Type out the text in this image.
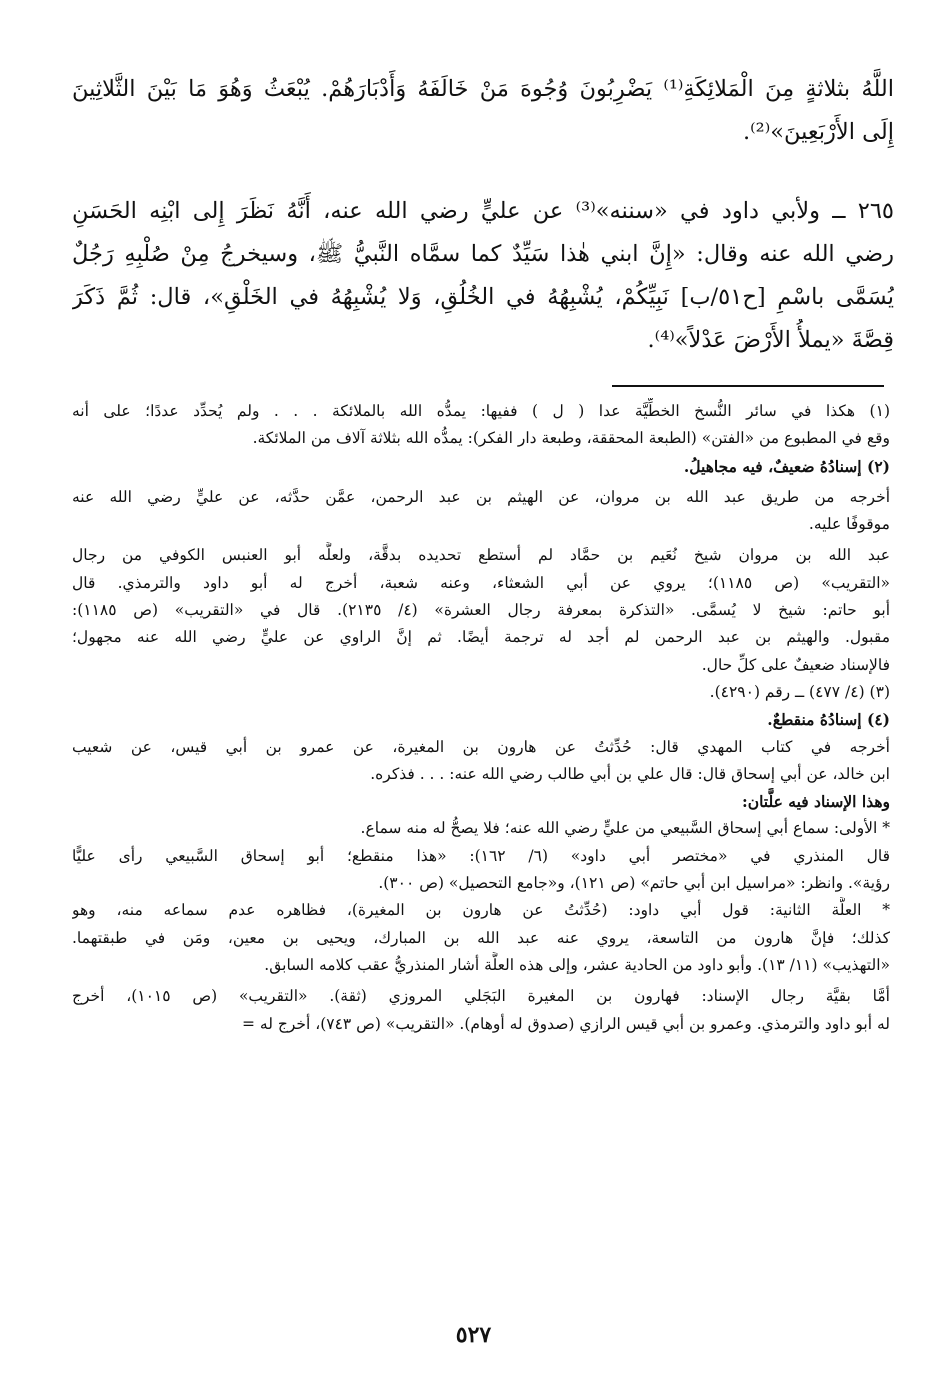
اللَّهُ بثلاثةٍ مِنَ الْمَلائِكَةِ⁽¹⁾ يَضْرِبُونَ وُجُوهَ مَنْ خَالَفَهُ وَأَدْبَارَهُمْ. يُبْعَثُ وَهُوَ مَا بَيْنَ الثَّلاثِينَ
إِلَى الأَرْبَعِينَ»⁽²⁾.
٢٦٥ ــ ولأبي داود في «سننه»⁽³⁾ عن عليٍّ رضي الله عنه، أَنَّهُ نَظَرَ إِلى ابْنِه الحَسَنِ
رضي الله عنه وقال: «إِنَّ ابني هٰذا سَيِّدٌ كما سمَّاه النَّبيُّ ﷺ، وسيخرجُ مِنْ صُلْبِهِ رَجُلٌ
يُسَمَّى باسْمِ [ح٥١/ب] نَبِيِّكُمْ، يُشْبِهُهُ في الخُلُقِ، وَلا يُشْبِهُهُ في الخَلْقِ»، قال: ثُمَّ ذَكَرَ
قِصَّةَ «يملأُ الأَرْضَ عَدْلاً»⁽⁴⁾.
(١) هكذا في سائر النُّسخ الخطِّيَّة عدا ( ل ) ففيها: يمدُّه الله بالملائكة . . . ولم يُحدِّد عددًا؛ على أنه
وقع في المطبوع من «الفتن» (الطبعة المحققة، وطبعة دار الفكر): يمدُّه الله بثلاثة آلاف من الملائكة.
(٢) إسنادُهُ ضعيفٌ، فيه مجاهيلُ.
أخرجه من طريق عبد الله بن مروان، عن الهيثم بن عبد الرحمن، عمَّن حدَّثه، عن عليٍّ رضي الله عنه
موقوفًا عليه.
عبد الله بن مروان شيخ نُعَيم بن حمَّاد لم أستطع تحديده بدقَّة، ولعلَّه أبو العنبس الكوفي من رجال
«التقريب» (ص ١١٨٥)؛ يروي عن أبي الشعثاء، وعنه شعبة، أخرج له أبو داود والترمذي. قال
أبو حاتم: شيخ لا يُسمَّى. «التذكرة بمعرفة رجال العشرة» (٤/ ٢١٣٥). قال في «التقريب» (ص ١١٨٥):
مقبول. والهيثم بن عبد الرحمن لم أجد له ترجمة أيضًا. ثم إنَّ الراوي عن عليٍّ رضي الله عنه مجهول؛
فالإسناد ضعيفٌ على كلِّ حال.
(٣) (٤/ ٤٧٧) ــ رقم (٤٢٩٠).
(٤) إسنادُهُ منقطعٌ.
أخرجه في كتاب المهدي قال: حُدِّثتُ عن هارون بن المغيرة، عن عمرو بن أبي قيس، عن شعيب
ابن خالد، عن أبي إسحاق قال: قال علي بن أبي طالب رضي الله عنه: . . . فذكره.
وهذا الإسناد فيه علَّتان:
* الأولى: سماع أبي إسحاق السَّبيعي من عليٍّ رضي الله عنه؛ فلا يصحُّ له منه سماع.
قال المنذري في «مختصر أبي داود» (٦/ ١٦٢): «هذا منقطع؛ أبو إسحاق السَّبيعي رأى عليًّا
رؤية». وانظر: «مراسيل ابن أبي حاتم» (ص ١٢١)، و«جامع التحصيل» (ص ٣٠٠).
* العلَّة الثانية: قول أبي داود: (حُدِّثتُ عن هارون بن المغيرة)، فظاهره عدم سماعه منه، وهو
كذلك؛ فإنَّ هارون من التاسعة، يروي عنه عبد الله بن المبارك، ويحيى بن معين، ومَن في طبقتهما.
«التهذيب» (١١/ ١٣). وأبو داود من الحادية عشر، وإلى هذه العلَّة أشار المنذريُّ عقب كلامه السابق.
أمَّا بقيَّة رجال الإسناد: فهارون بن المغيرة البَجَلي المروزي (ثقة). «التقريب» (ص ١٠١٥)، أخرج
له أبو داود والترمذي. وعمرو بن أبي قيس الرازي (صدوق له أوهام). «التقريب» (ص ٧٤٣)، أخرج له =
٥٢٧
